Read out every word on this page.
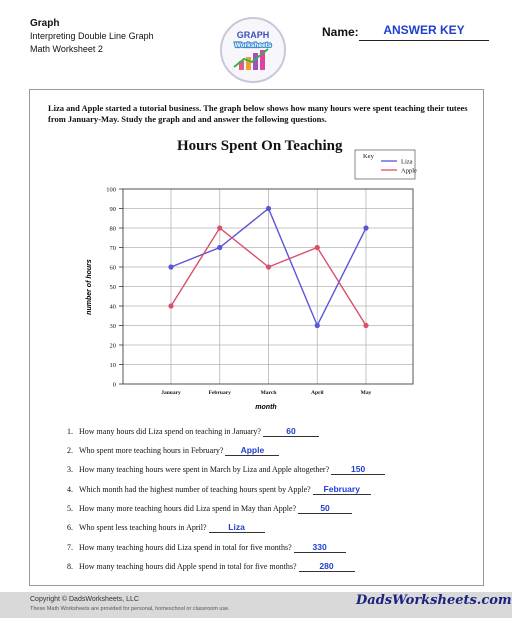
Graph
Interpreting Double Line Graph
Math Worksheet 2
GRAPH
Worksheets
Name:	ANSWER KEY
Liza and Apple started a tutorial business. The graph below shows how many hours were spent teaching their tutees from January-May. Study the graph and and answer the following questions.
Hours Spent On Teaching
0
10
20
30
40
50
60
70
80
90
100
January	February	March	April	May
Key
Liza
Apple
month
number of hours
1. How many hours did Liza spend on teaching in January?	60
2. Who spent more teaching hours in February? Apple
3. How many teaching hours were spent in March by Liza and Apple altogether?	150
4. Which month had the highest number of teaching hours spent by Apple? February
5. How many more teaching hours did Liza spend in May than Apple?	50
6. Who spent less teaching hours in April?	Liza
7. How many teaching hours did Liza spend in total for five months? 330
8. How many teaching hours did Apple spend in total for five months?	280
Copyright © DadsWorksheets, LLC
These Math Worksheets are provided for personal, homeschool or classroom use.
DadsWorksheets.com
